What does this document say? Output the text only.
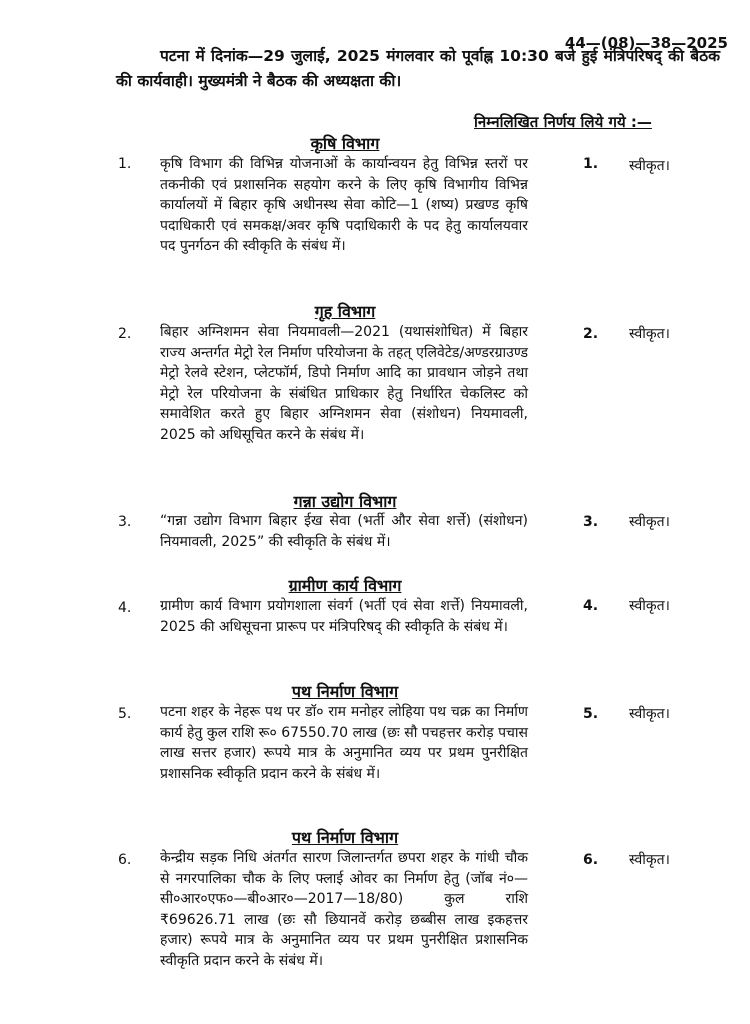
44—(08)—38—2025
पटना में दिनांक—29 जुलाई, 2025 मंगलवार को पूर्वाह्न 10:30 बजे हुई मंत्रिपरिषद् की बैठक की कार्यवाही। मुख्यमंत्री ने बैठक की अध्यक्षता की।
निम्नलिखित निर्णय लिये गये :—
कृषि विभाग
1. कृषि विभाग की विभिन्न योजनाओं के कार्यान्वयन हेतु विभिन्न स्तरों पर तकनीकी एवं प्रशासनिक सहयोग करने के लिए कृषि विभागीय विभिन्न कार्यालयों में बिहार कृषि अधीनस्थ सेवा कोटि—1 (शष्य) प्रखण्ड कृषि पदाधिकारी एवं समकक्ष/अवर कृषि पदाधिकारी के पद हेतु कार्यालयवार पद पुनर्गठन की स्वीकृति के संबंध में।
1. स्वीकृत।
गृह विभाग
2. बिहार अग्निशमन सेवा नियमावली—2021 (यथासंशोधित) में बिहार राज्य अन्तर्गत मेट्रो रेल निर्माण परियोजना के तहत् एलिवेटेड/अण्डरग्राउण्ड मेट्रो रेलवे स्टेशन, प्लेटफॉर्म, डिपो निर्माण आदि का प्रावधान जोड़ने तथा मेट्रो रेल परियोजना के संबंधित प्राधिकार हेतु निर्धारित चेकलिस्ट को समावेशित करते हुए बिहार अग्निशमन सेवा (संशोधन) नियमावली, 2025 को अधिसूचित करने के संबंध में।
2. स्वीकृत।
गन्ना उद्योग विभाग
3. “गन्ना उद्योग विभाग बिहार ईख सेवा (भर्ती और सेवा शर्त्ते) (संशोधन) नियमावली, 2025” की स्वीकृति के संबंध में।
3. स्वीकृत।
ग्रामीण कार्य विभाग
4. ग्रामीण कार्य विभाग प्रयोगशाला संवर्ग (भर्ती एवं सेवा शर्त्ते) नियमावली, 2025 की अधिसूचना प्रारूप पर मंत्रिपरिषद् की स्वीकृति के संबंध में।
4. स्वीकृत।
पथ निर्माण विभाग
5. पटना शहर के नेहरू पथ पर डॉ० राम मनोहर लोहिया पथ चक्र का निर्माण कार्य हेतु कुल राशि रू० 67550.70 लाख (छः सौ पचहत्तर करोड़ पचास लाख सत्तर हजार) रूपये मात्र के अनुमानित व्यय पर प्रथम पुनरीक्षित प्रशासनिक स्वीकृति प्रदान करने के संबंध में।
5. स्वीकृत।
पथ निर्माण विभाग
6. केन्द्रीय सड़क निधि अंतर्गत सारण जिलान्तर्गत छपरा शहर के गांधी चौक से नगरपालिका चौक के लिए फ्लाई ओवर का निर्माण हेतु (जॉब नं०—सी०आर०एफ०—बी०आर०—2017—18/80) कुल राशि ₹69626.71 लाख (छः सौ छियानवें करोड़ छब्बीस लाख इकहत्तर हजार) रूपये मात्र के अनुमानित व्यय पर प्रथम पुनरीक्षित प्रशासनिक स्वीकृति प्रदान करने के संबंध में।
6. स्वीकृत।
